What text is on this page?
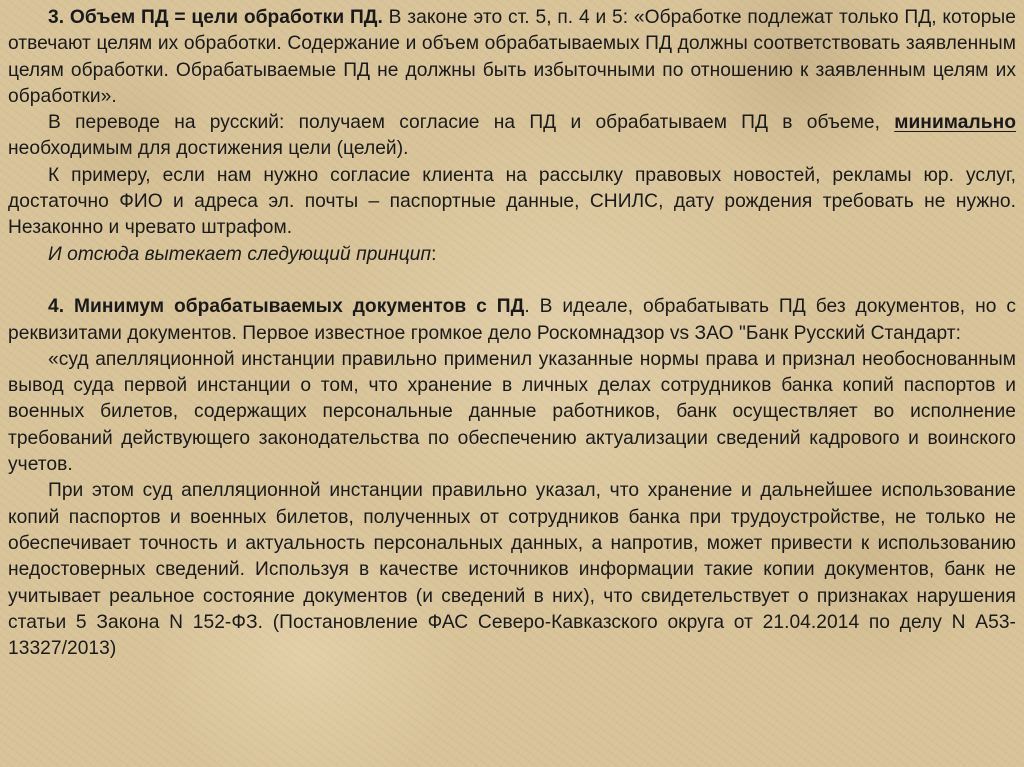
3. Объем ПД = цели обработки ПД. В законе это ст. 5, п. 4 и 5: «Обработке подлежат только ПД, которые отвечают целям их обработки. Содержание и объем обрабатываемых ПД должны соответствовать заявленным целям обработки. Обрабатываемые ПД не должны быть избыточными по отношению к заявленным целям их обработки».

В переводе на русский: получаем согласие на ПД и обрабатываем ПД в объеме, минимально необходимым для достижения цели (целей).

К примеру, если нам нужно согласие клиента на рассылку правовых новостей, рекламы юр. услуг, достаточно ФИО и адреса эл. почты – паспортные данные, СНИЛС, дату рождения требовать не нужно. Незаконно и чревато штрафом.

И отсюда вытекает следующий принцип:

4. Минимум обрабатываемых документов с ПД. В идеале, обрабатывать ПД без документов, но с реквизитами документов. Первое известное громкое дело Роскомнадзор vs ЗАО "Банк Русский Стандарт:

«суд апелляционной инстанции правильно применил указанные нормы права и признал необоснованным вывод суда первой инстанции о том, что хранение в личных делах сотрудников банка копий паспортов и военных билетов, содержащих персональные данные работников, банк осуществляет во исполнение требований действующего законодательства по обеспечению актуализации сведений кадрового и воинского учетов.

При этом суд апелляционной инстанции правильно указал, что хранение и дальнейшее использование копий паспортов и военных билетов, полученных от сотрудников банка при трудоустройстве, не только не обеспечивает точность и актуальность персональных данных, а напротив, может привести к использованию недостоверных сведений. Используя в качестве источников информации такие копии документов, банк не учитывает реальное состояние документов (и сведений в них), что свидетельствует о признаках нарушения статьи 5 Закона N 152-ФЗ. (Постановление ФАС Северо-Кавказского округа от 21.04.2014 по делу N А53-13327/2013)
